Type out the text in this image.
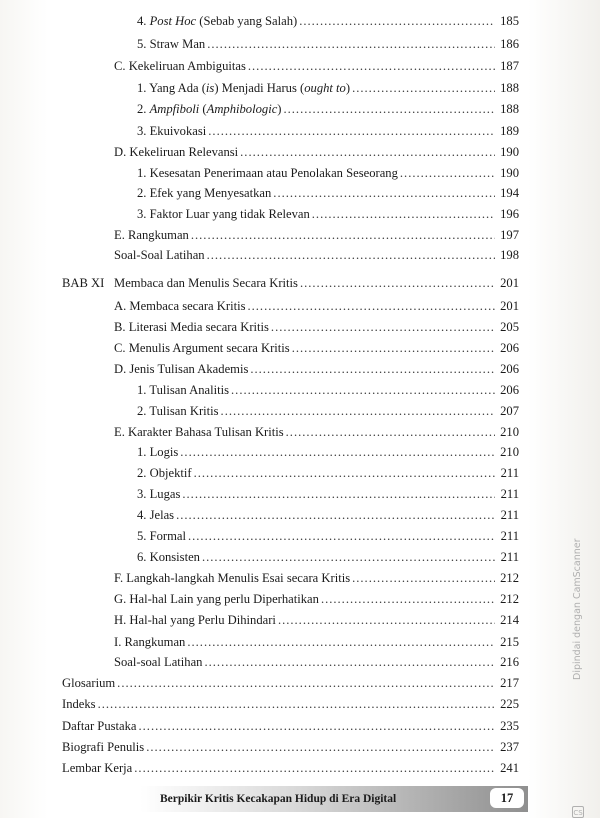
4. Post Hoc (Sebab yang Salah) .....	185
5. Straw Man .....	186
C. Kekeliruan Ambiguitas .....	187
1. Yang Ada (is) Menjadi Harus (ought to) .....	188
2. Ampfiboli (Amphibologic) .....	188
3. Ekuivokasi .....	189
D. Kekeliruan Relevansi .....	190
1. Kesesatan Penerimaan atau Penolakan Seseorang .....	190
2. Efek yang Menyesatkan .....	194
3. Faktor Luar yang tidak Relevan .....	196
E. Rangkuman .....	197
Soal-Soal Latihan .....	198
BAB XI Membaca dan Menulis Secara Kritis .....	201
A. Membaca secara Kritis .....	201
B. Literasi Media secara Kritis .....	205
C. Menulis Argument secara Kritis .....	206
D. Jenis Tulisan Akademis .....	206
1. Tulisan Analitis .....	206
2. Tulisan Kritis .....	207
E. Karakter Bahasa Tulisan Kritis .....	210
1. Logis .....	210
2. Objektif .....	211
3. Lugas .....	211
4. Jelas .....	211
5. Formal .....	211
6. Konsisten .....	211
F. Langkah-langkah Menulis Esai secara Kritis .....	212
G. Hal-hal Lain yang perlu Diperhatikan .....	212
H. Hal-hal yang Perlu Dihindari .....	214
I. Rangkuman .....	215
Soal-soal Latihan .....	216
Glosarium .....	217
Indeks .....	225
Daftar Pustaka .....	235
Biografi Penulis .....	237
Lembar Kerja .....	241
Berpikir Kritis Kecakapan Hidup di Era Digital	17
Dipindai dengan CamScanner
CS
